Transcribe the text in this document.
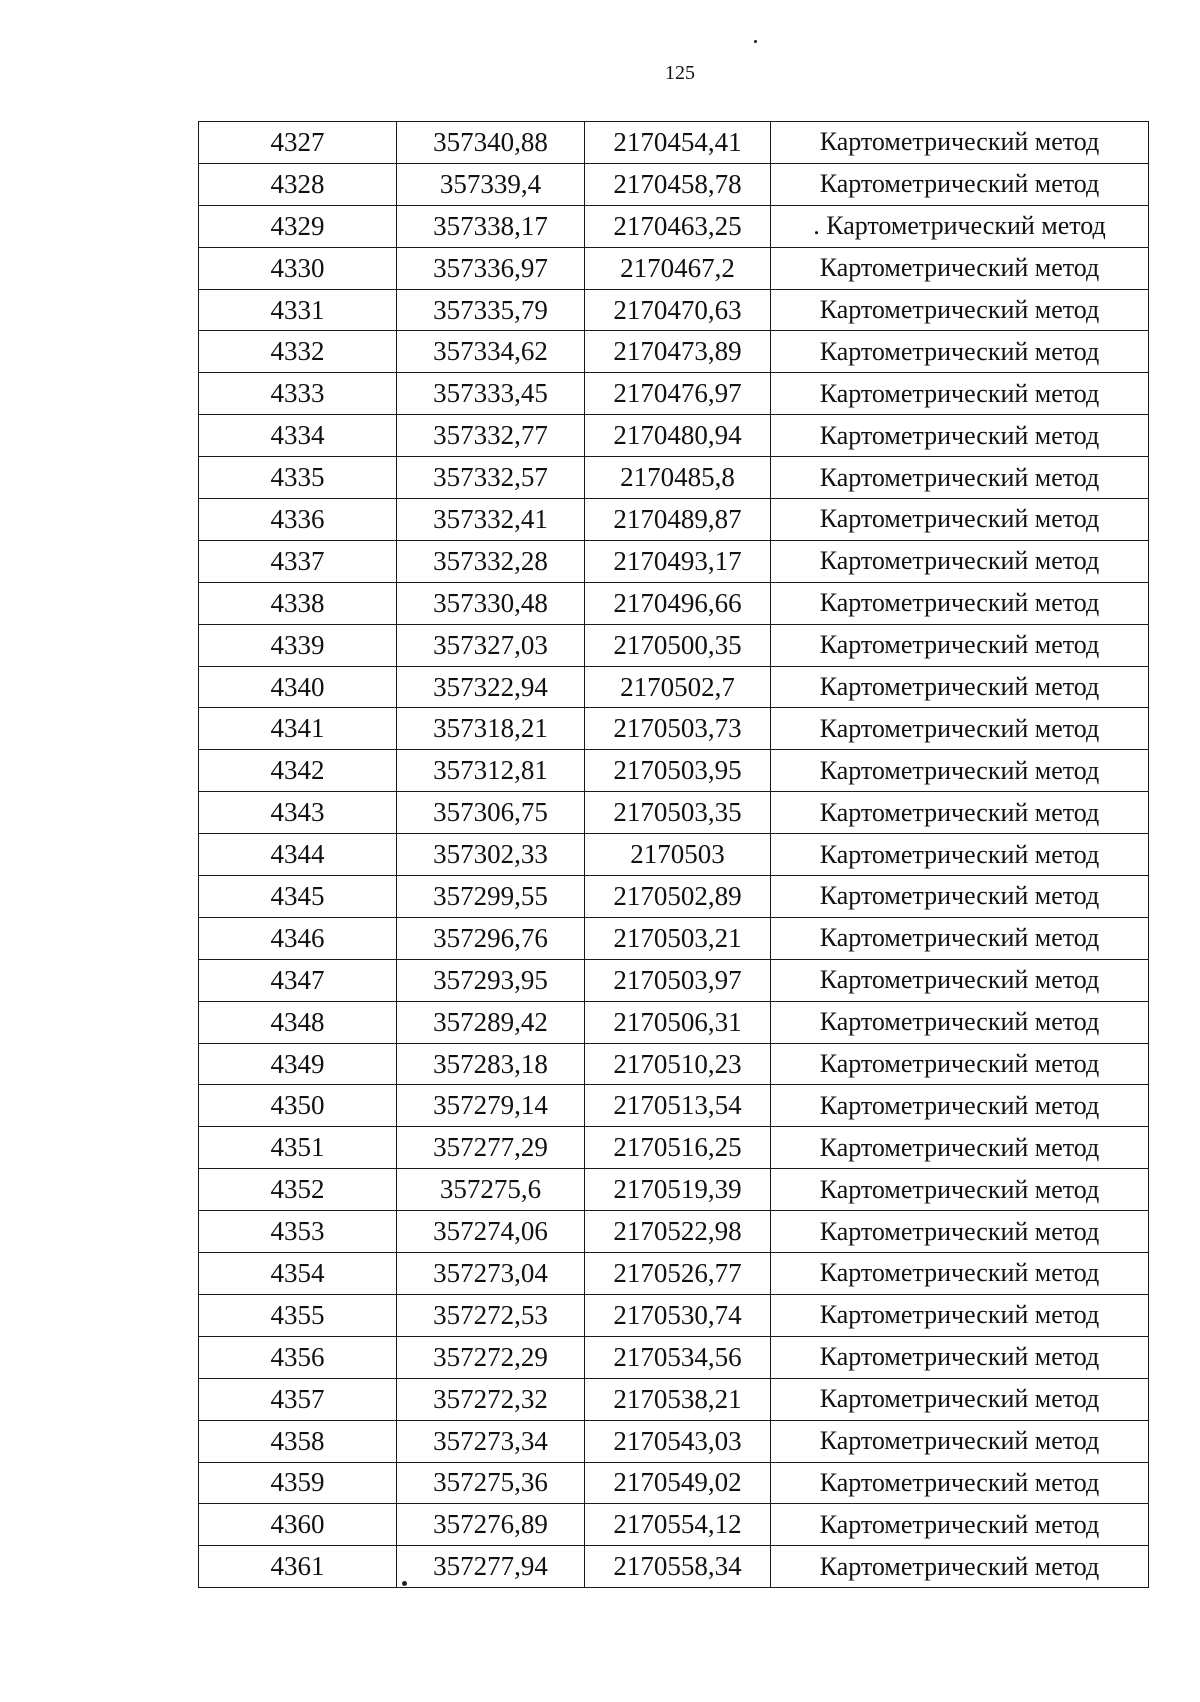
125
4327	357340,88	2170454,41	Картометрический метод
4328	357339,4	2170458,78	Картометрический метод
4329	357338,17	2170463,25	. Картометрический метод
4330	357336,97	2170467,2	Картометрический метод
4331	357335,79	2170470,63	Картометрический метод
4332	357334,62	2170473,89	Картометрический метод
4333	357333,45	2170476,97	Картометрический метод
4334	357332,77	2170480,94	Картометрический метод
4335	357332,57	2170485,8	Картометрический метод
4336	357332,41	2170489,87	Картометрический метод
4337	357332,28	2170493,17	Картометрический метод
4338	357330,48	2170496,66	Картометрический метод
4339	357327,03	2170500,35	Картометрический метод
4340	357322,94	2170502,7	Картометрический метод
4341	357318,21	2170503,73	Картометрический метод
4342	357312,81	2170503,95	Картометрический метод
4343	357306,75	2170503,35	Картометрический метод
4344	357302,33	2170503	Картометрический метод
4345	357299,55	2170502,89	Картометрический метод
4346	357296,76	2170503,21	Картометрический метод
4347	357293,95	2170503,97	Картометрический метод
4348	357289,42	2170506,31	Картометрический метод
4349	357283,18	2170510,23	Картометрический метод
4350	357279,14	2170513,54	Картометрический метод
4351	357277,29	2170516,25	Картометрический метод
4352	357275,6	2170519,39	Картометрический метод
4353	357274,06	2170522,98	Картометрический метод
4354	357273,04	2170526,77	Картометрический метод
4355	357272,53	2170530,74	Картометрический метод
4356	357272,29	2170534,56	Картометрический метод
4357	357272,32	2170538,21	Картометрический метод
4358	357273,34	2170543,03	Картометрический метод
4359	357275,36	2170549,02	Картометрический метод
4360	357276,89	2170554,12	Картометрический метод
4361	357277,94	2170558,34	Картометрический метод
